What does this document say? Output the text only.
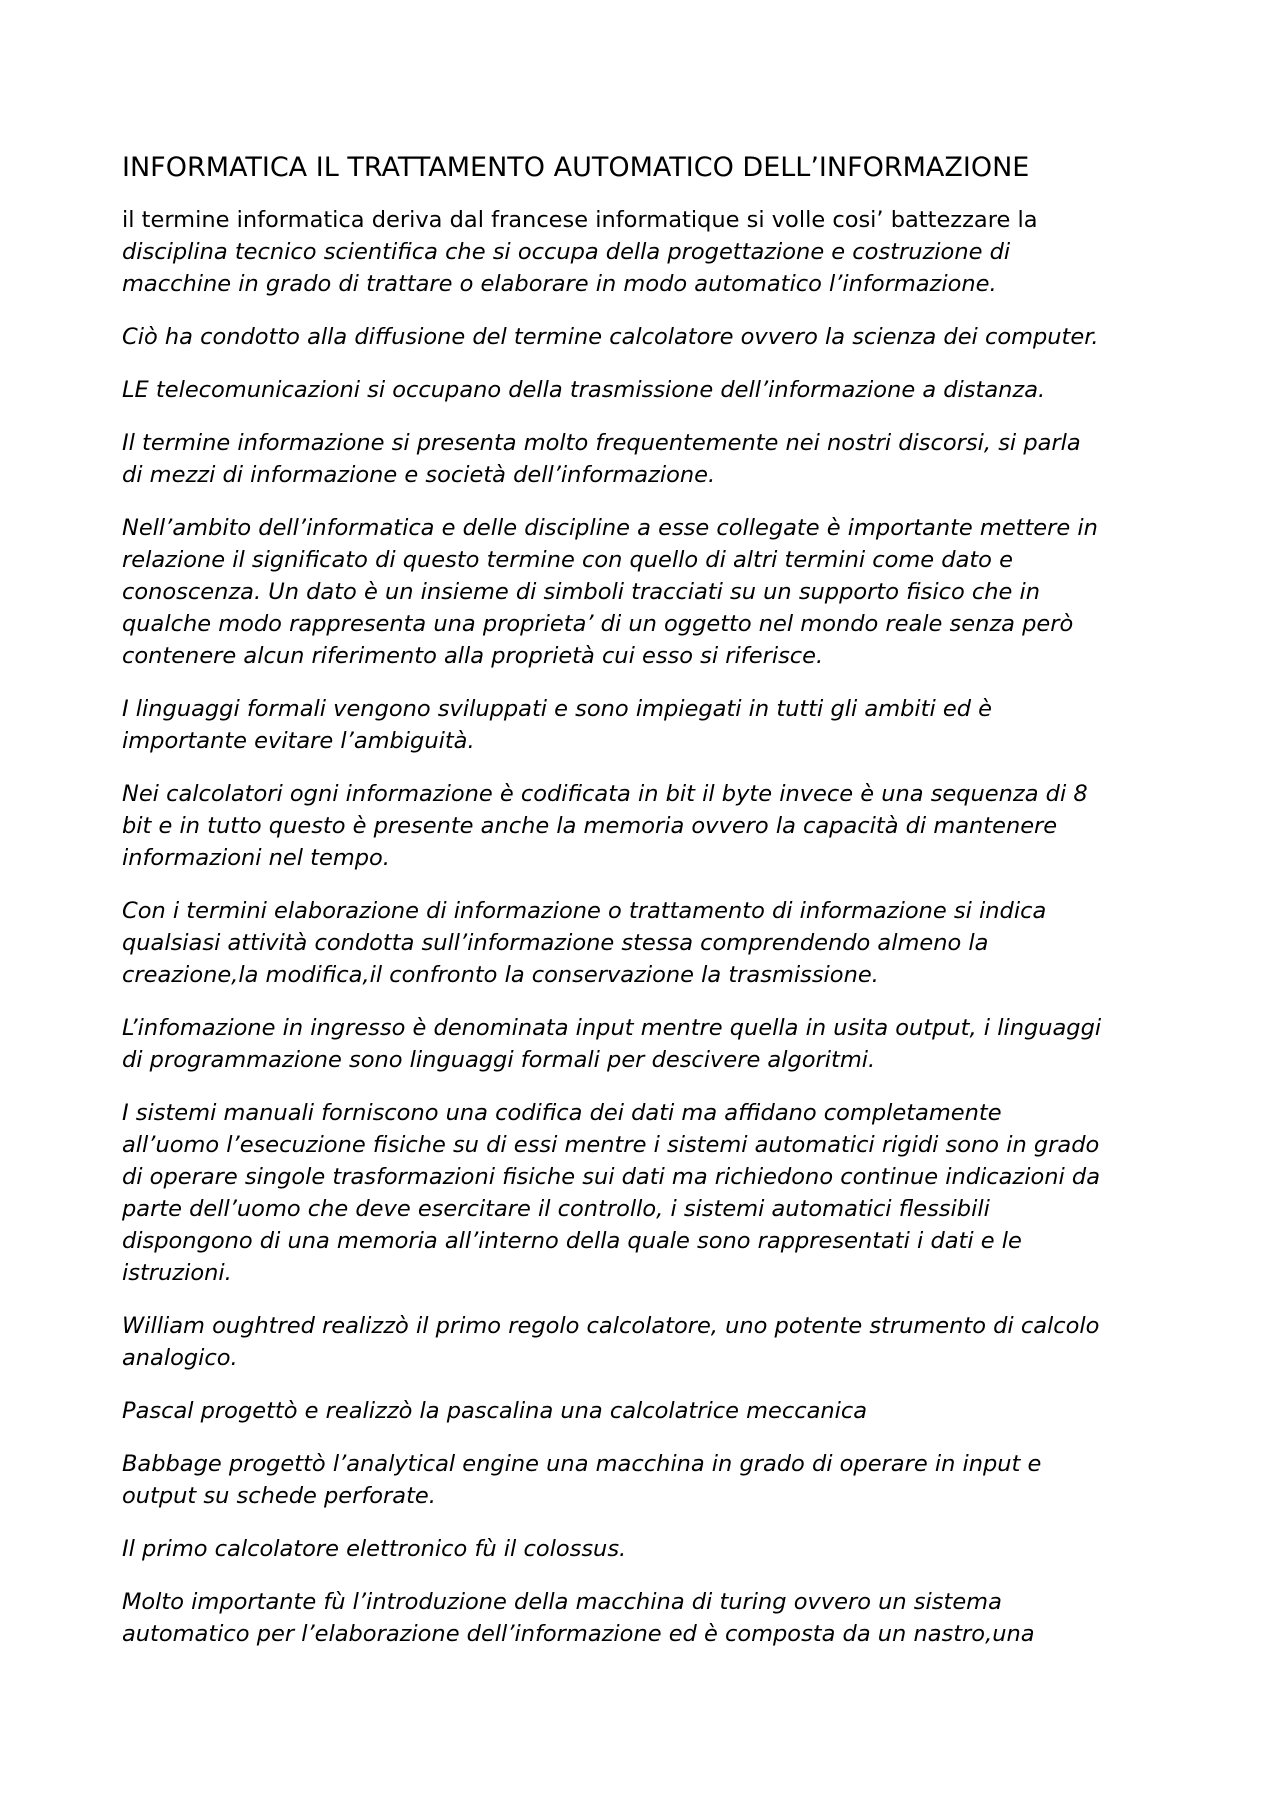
INFORMATICA IL TRATTAMENTO AUTOMATICO DELL’INFORMAZIONE

il termine informatica deriva dal francese informatique si volle cosi’ battezzare la
disciplina tecnico scientifica che si occupa della progettazione e costruzione di
macchine in grado di trattare o elaborare in modo automatico l’informazione.

Ciò ha condotto alla diffusione del termine calcolatore ovvero la scienza dei computer.

LE telecomunicazioni si occupano della trasmissione dell’informazione a distanza.

Il termine informazione si presenta molto frequentemente nei nostri discorsi, si parla
di mezzi di informazione e società dell’informazione.

Nell’ambito dell’informatica e delle discipline a esse collegate è importante mettere in
relazione il significato di questo termine con quello di altri termini come dato e
conoscenza. Un dato è un insieme di simboli tracciati su un supporto fisico che in
qualche modo rappresenta una proprieta’ di un oggetto nel mondo reale senza però
contenere alcun riferimento alla proprietà cui esso si riferisce.

I linguaggi formali vengono sviluppati e sono impiegati in tutti gli ambiti ed è
importante evitare l’ambiguità.

Nei calcolatori ogni informazione è codificata in bit il byte invece è una sequenza di 8
bit e in tutto questo è presente anche la memoria ovvero la capacità di mantenere
informazioni nel tempo.

Con i termini elaborazione di informazione o trattamento di informazione si indica
qualsiasi attività condotta sull’informazione stessa comprendendo almeno la
creazione,la modifica,il confronto la conservazione la trasmissione.

L’infomazione in ingresso è denominata input mentre quella in usita output, i linguaggi
di programmazione sono linguaggi formali per descivere algoritmi.

I sistemi manuali forniscono una codifica dei dati ma affidano completamente
all’uomo l’esecuzione fisiche su di essi mentre i sistemi automatici rigidi sono in grado
di operare singole trasformazioni fisiche sui dati ma richiedono continue indicazioni da
parte dell’uomo che deve esercitare il controllo, i sistemi automatici flessibili
dispongono di una memoria all’interno della quale sono rappresentati i dati e le
istruzioni.

William oughtred realizzò il primo regolo calcolatore, uno potente strumento di calcolo
analogico.

Pascal progettò e realizzò la pascalina una calcolatrice meccanica

Babbage progettò l’analytical engine una macchina in grado di operare in input e
output su schede perforate.

Il primo calcolatore elettronico fù il colossus.

Molto importante fù l’introduzione della macchina di turing ovvero un sistema
automatico per l’elaborazione dell’informazione ed è composta da un nastro,una
